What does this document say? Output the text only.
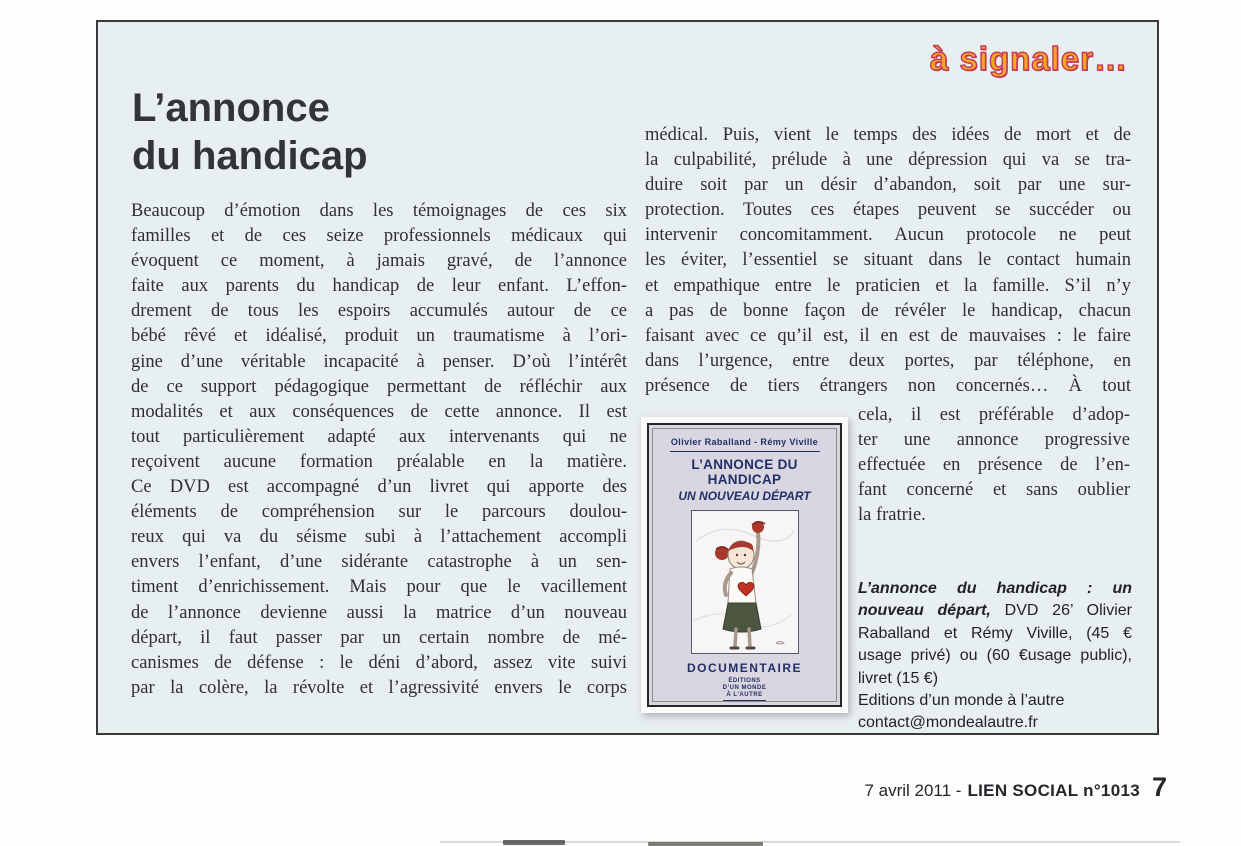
à signaler…
L’annonce
du handicap
Beaucoup d’émotion dans les témoignages de ces six
familles et de ces seize professionnels médicaux qui
évoquent ce moment, à jamais gravé, de l’annonce
faite aux parents du handicap de leur enfant. L’effon-
drement de tous les espoirs accumulés autour de ce
bébé rêvé et idéalisé, produit un traumatisme à l’ori-
gine d’une véritable incapacité à penser. D’où l’intérêt
de ce support pédagogique permettant de réfléchir aux
modalités et aux conséquences de cette annonce. Il est
tout particulièrement adapté aux intervenants qui ne
reçoivent aucune formation préalable en la matière.
Ce DVD est accompagné d’un livret qui apporte des
éléments de compréhension sur le parcours doulou-
reux qui va du séisme subi à l’attachement accompli
envers l’enfant, d’une sidérante catastrophe à un sen-
timent d’enrichissement. Mais pour que le vacillement
de l’annonce devienne aussi la matrice d’un nouveau
départ, il faut passer par un certain nombre de mé-
canismes de défense : le déni d’abord, assez vite suivi
par la colère, la révolte et l’agressivité envers le corps
médical. Puis, vient le temps des idées de mort et de
la culpabilité, prélude à une dépression qui va se tra-
duire soit par un désir d’abandon, soit par une sur-
protection. Toutes ces étapes peuvent se succéder ou
intervenir concomitamment. Aucun protocole ne peut
les éviter, l’essentiel se situant dans le contact humain
et empathique entre le praticien et la famille. S’il n’y
a pas de bonne façon de révéler le handicap, chacun
faisant avec ce qu’il est, il en est de mauvaises : le faire
dans l’urgence, entre deux portes, par téléphone, en
présence de tiers étrangers non concernés… À tout
cela, il est préférable d’adop-
ter une annonce progressive
effectuée en présence de l’en-
fant concerné et sans oublier
la fratrie.
Olivier Raballand - Rémy Viville
L’ANNONCE DU HANDICAP
UN NOUVEAU DÉPART
DOCUMENTAIRE
ÉDITIONS
D’UN MONDE
À L’AUTRE
L’annonce du handicap : un nouveau départ, DVD 26’ Olivier Raballand et Rémy Viville, (45 € usage privé) ou (60 €usage public), livret (15 €)
Editions d’un monde à l’autre
contact@mondealautre.fr
7 avril 2011 - LIEN SOCIAL n°1013 7
